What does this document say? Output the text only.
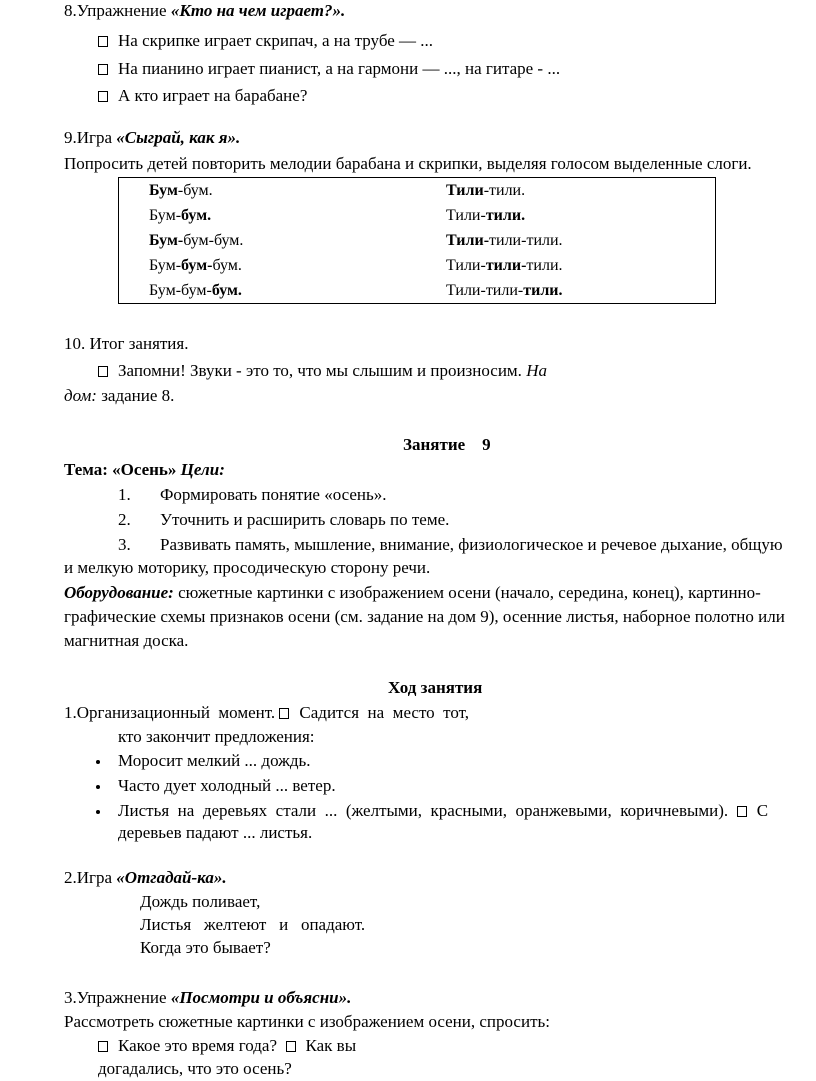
8.Упражнение «Кто на чем играет?».
На скрипке играет скрипач, а на трубе — ...
На пианино играет пианист, а на гармони — ..., на гитаре - ...
А кто играет на барабане?
9.Игра «Сыграй, как я».
Попросить детей повторить мелодии барабана и скрипки, выделяя голосом выделенные слоги.
Бум-бум.	Тили-тили.
Бум-бум.	Тили-тили.
Бум-бум-бум.	Тили-тили-тили.
Бум-бум-бум.	Тили-тили-тили.
Бум-бум-бум.	Тили-тили-тили.
10. Итог занятия.
Запомни! Звуки - это то, что мы слышим и произносим. На
дом: задание 8.
Занятие    9
Тема: «Осень» Цели:
1. Формировать понятие «осень».
2. Уточнить и расширить словарь по теме.
3. Развивать память, мышление, внимание, физиологическое и речевое дыхание, общую
и мелкую моторику, просодическую сторону речи.
Оборудование: сюжетные картинки с изображением осени (начало, середина, конец), картинно-
графические схемы признаков осени (см. задание на дом 9), осенние листья, наборное полотно или
магнитная доска.
Ход занятия
1.Организационный  момент. Садится  на  место  тот,
кто закончит предложения:
Моросит мелкий ... дождь.
Часто дует холодный ... ветер.
Листья  на  деревьях  стали  ...  (желтыми,  красными,  оранжевыми,  коричневыми). С
деревьев падают ... листья.
2.Игра «Отгадай-ка».
Дождь поливает,
Листья   желтеют   и   опадают.
Когда это бывает?
3.Упражнение «Посмотри и объясни».
Рассмотреть сюжетные картинки с изображением осени, спросить:
Какое это время года? Как вы
догадались, что это осень?
